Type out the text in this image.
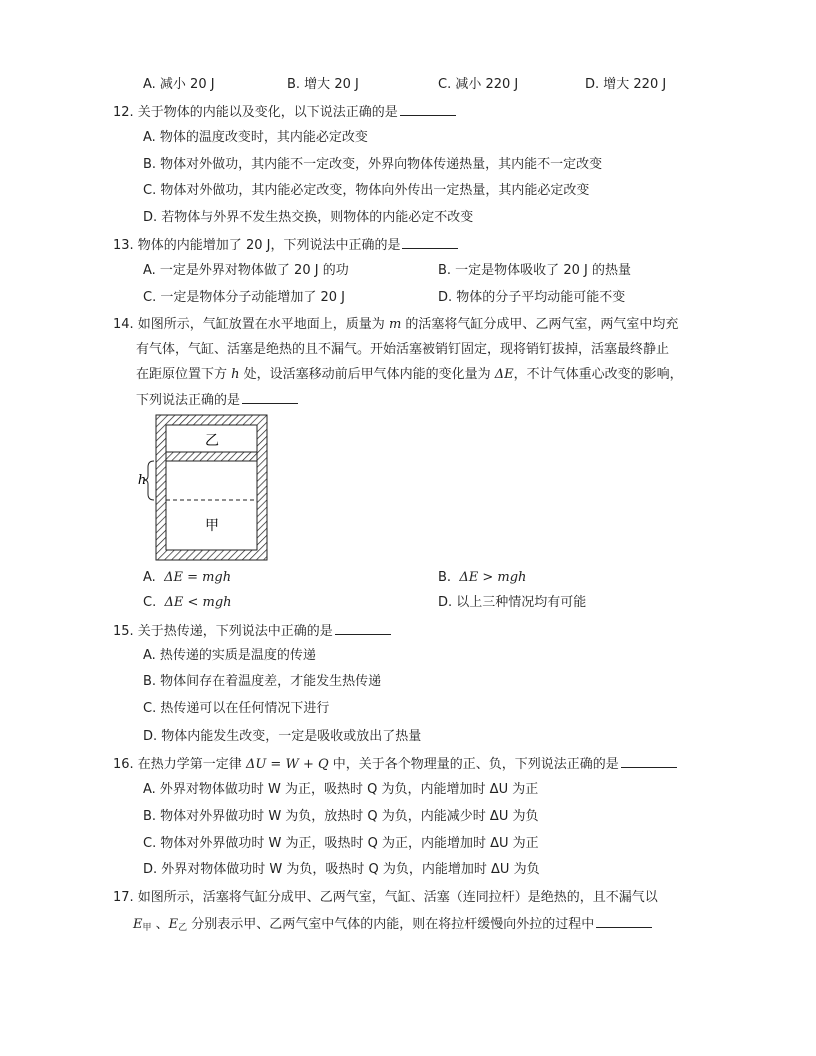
A. 减小 20 J	B. 增大 20 J	C. 减小 220 J	D. 增大 220 J
12. 关于物体的内能以及变化，以下说法正确的是
A. 物体的温度改变时，其内能必定改变
B. 物体对外做功，其内能不一定改变，外界向物体传递热量，其内能不一定改变
C. 物体对外做功，其内能必定改变，物体向外传出一定热量，其内能必定改变
D. 若物体与外界不发生热交换，则物体的内能必定不改变
13. 物体的内能增加了 20 J，下列说法中正确的是
A. 一定是外界对物体做了 20 J 的功	B. 一定是物体吸收了 20 J 的热量
C. 一定是物体分子动能增加了 20 J	D. 物体的分子平均动能可能不变
14. 如图所示，气缸放置在水平地面上，质量为 m 的活塞将气缸分成甲、乙两气室，两气室中均充
有气体，气缸、活塞是绝热的且不漏气。开始活塞被销钉固定，现将销钉拔掉，活塞最终静止
在距原位置下方 h 处，设活塞移动前后甲气体内能的变化量为 ΔE，不计气体重心改变的影响，
下列说法正确的是
乙
甲
h
A. ΔE = mgh	B. ΔE > mgh
C. ΔE < mgh	D. 以上三种情况均有可能
15. 关于热传递，下列说法中正确的是
A. 热传递的实质是温度的传递
B. 物体间存在着温度差，才能发生热传递
C. 热传递可以在任何情况下进行
D. 物体内能发生改变，一定是吸收或放出了热量
16. 在热力学第一定律 ΔU = W + Q 中，关于各个物理量的正、负，下列说法正确的是
A. 外界对物体做功时 W 为正，吸热时 Q 为负，内能增加时 ΔU 为正
B. 物体对外界做功时 W 为负，放热时 Q 为负，内能减少时 ΔU 为负
C. 物体对外界做功时 W 为正，吸热时 Q 为正，内能增加时 ΔU 为正
D. 外界对物体做功时 W 为负，吸热时 Q 为负，内能增加时 ΔU 为负
17. 如图所示，活塞将气缸分成甲、乙两气室，气缸、活塞（连同拉杆）是绝热的，且不漏气以
$E_甲$ 、$E_乙$ 分别表示甲、乙两气室中气体的内能，则在将拉杆缓慢向外拉的过程中
